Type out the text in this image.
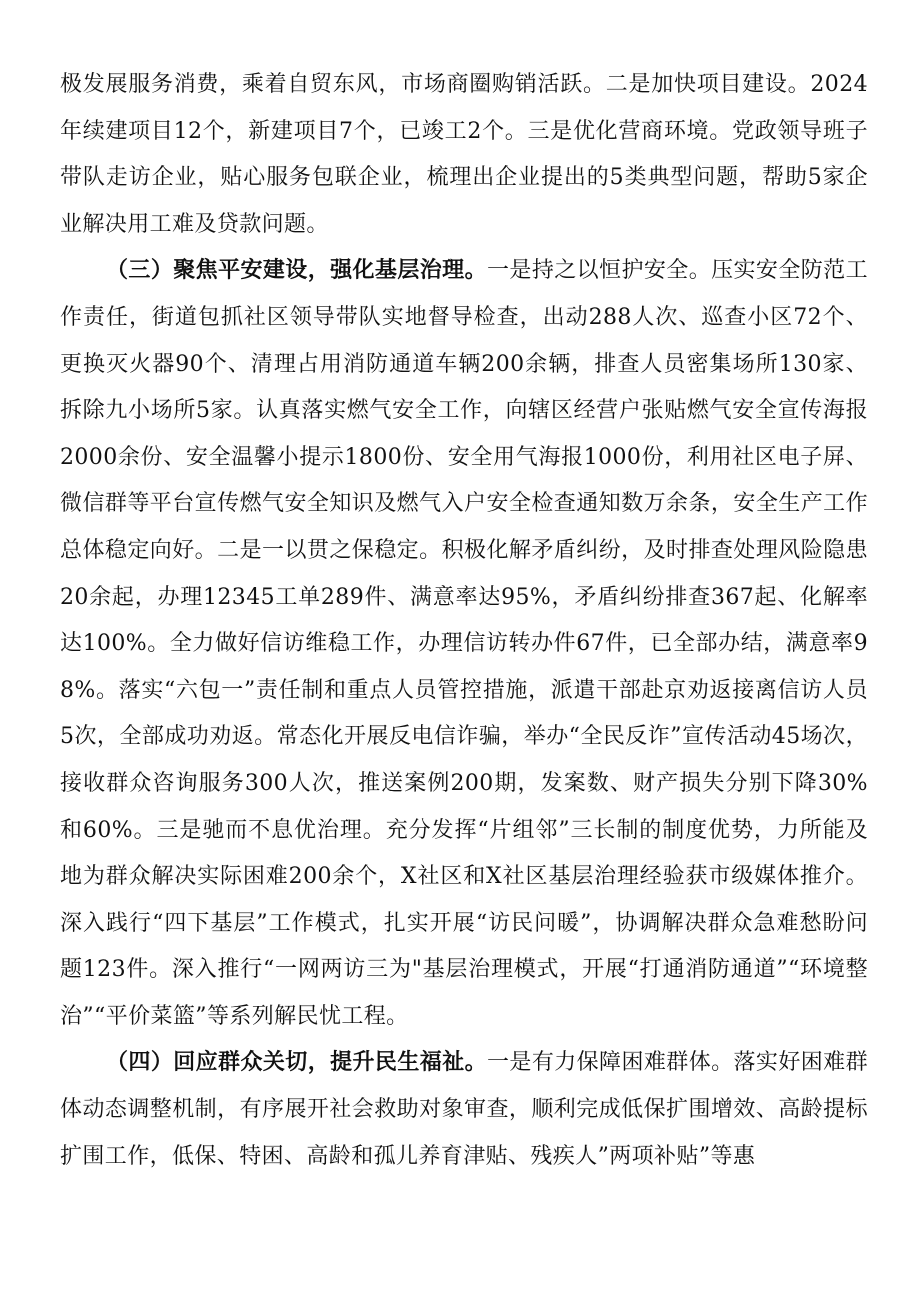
极发展服务消费，乘着自贸东风，市场商圈购销活跃。二是加快项目建设。2024年续建项目12个，新建项目7个，已竣工2个。三是优化营商环境。党政领导班子带队走访企业，贴心服务包联企业，梳理出企业提出的5类典型问题，帮助5家企业解决用工难及贷款问题。

（三）聚焦平安建设，强化基层治理。一是持之以恒护安全。压实安全防范工作责任，街道包抓社区领导带队实地督导检查，出动288人次、巡查小区72个、更换灭火器90个、清理占用消防通道车辆200余辆，排查人员密集场所130家、拆除九小场所5家。认真落实燃气安全工作，向辖区经营户张贴燃气安全宣传海报2000余份、安全温馨小提示1800份、安全用气海报1000份，利用社区电子屏、微信群等平台宣传燃气安全知识及燃气入户安全检查通知数万余条，安全生产工作总体稳定向好。二是一以贯之保稳定。积极化解矛盾纠纷，及时排查处理风险隐患20余起，办理12345工单289件、满意率达95%，矛盾纠纷排查367起、化解率达100%。全力做好信访维稳工作，办理信访转办件67件，已全部办结，满意率98%。落实“六包一”责任制和重点人员管控措施，派遣干部赴京劝返接离信访人员5次，全部成功劝返。常态化开展反电信诈骗，举办“全民反诈”宣传活动45场次，接收群众咨询服务300人次，推送案例200期，发案数、财产损失分别下降30%和60%。三是驰而不息优治理。充分发挥“片组邻”三长制的制度优势，力所能及地为群众解决实际困难200余个，X社区和X社区基层治理经验获市级媒体推介。深入践行“四下基层”工作模式，扎实开展“访民问暖”，协调解决群众急难愁盼问题123件。深入推行“一网两访三为"基层治理模式，开展“打通消防通道”“环境整治”“平价菜篮”等系列解民忧工程。

（四）回应群众关切，提升民生福祉。一是有力保障困难群体。落实好困难群体动态调整机制，有序展开社会救助对象审查，顺利完成低保扩围增效、高龄提标扩围工作，低保、特困、高龄和孤儿养育津贴、残疾人”两项补贴”等惠
